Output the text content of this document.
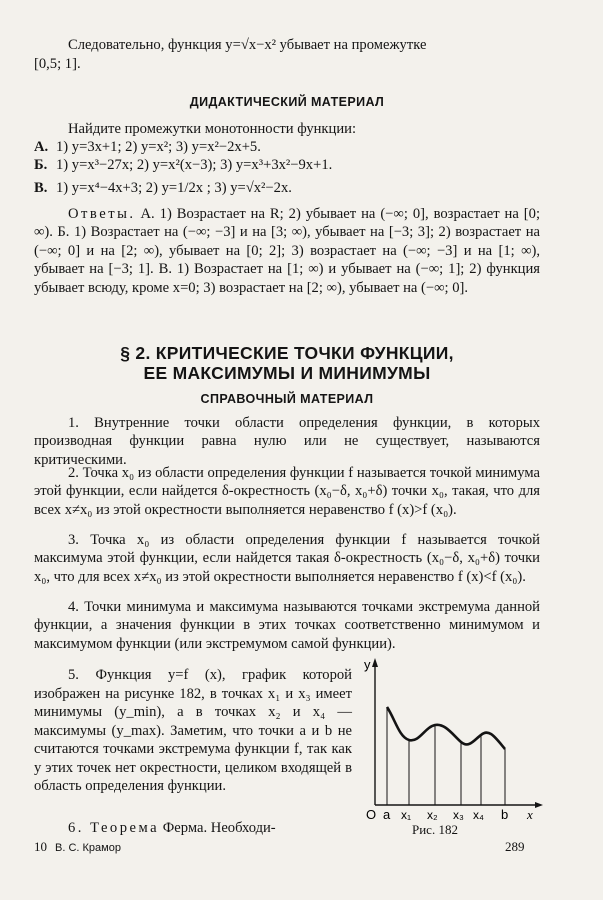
Следовательно, функция y=√x−x² убывает на промежутке

[0,5; 1].

ДИДАКТИЧЕСКИЙ МАТЕРИАЛ

Найдите промежутки монотонности функции:

А. 1) y=3x+1; 2) y=x²; 3) y=x²−2x+5.

Б. 1) y=x³−27x; 2) y=x²(x−3); 3) y=x³+3x²−9x+1.

В. 1) y=x⁴−4x+3; 2) y=1/2x ; 3) y=√x²−2x.

Ответы. А. 1) Возрастает на R; 2) убывает на (−∞; 0], возрастает на [0; ∞). Б. 1) Возрастает на (−∞; −3] и на [3; ∞), убывает на [−3; 3]; 2) возрастает на (−∞; 0] и на [2; ∞), убывает на [0; 2]; 3) возрастает на (−∞; −3] и на [1; ∞), убывает на [−3; 1]. В. 1) Возрастает на [1; ∞) и убывает на (−∞; 1]; 2) функция убывает всюду, кроме x=0; 3) возрастает на [2; ∞), убывает на (−∞; 0].

§ 2. КРИТИЧЕСКИЕ ТОЧКИ ФУНКЦИИ,

ЕЕ МАКСИМУМЫ И МИНИМУМЫ

СПРАВОЧНЫЙ МАТЕРИАЛ

1. Внутренние точки области определения функции, в которых производная функции равна нулю или не существует, называются критическими.

2. Точка x₀ из области определения функции f называется точкой минимума этой функции, если найдется δ-окрестность (x₀−δ, x₀+δ) точки x₀, такая, что для всех x≠x₀ из этой окрестности выполняется неравенство f (x)>f (x₀).

3. Точка x₀ из области определения функции f называется точкой максимума этой функции, если найдется такая δ-окрестность (x₀−δ, x₀+δ) точки x₀, что для всех x≠x₀ из этой окрестности выполняется неравенство f (x)<f (x₀).

4. Точки минимума и максимума называются точками экстремума данной функции, а значения функции в этих точках соответственно минимумом и максимумом функции (или экстремумом самой функции).

5. Функция y=f (x), график которой изображен на рисунке 182, в точках x₁ и x₃ имеет минимумы (y_min), а в точках x₂ и x₄ — максимумы (y_max). Заметим, что точки a и b не считаются точками экстремума функции f, так как у этих точек нет окрестности, целиком входящей в область определения функции.

6. Теорема Ферма. Необходи-

y
O	x
a x₁ x₂ x₃ x₄ b
Рис. 182
10 В. С. Крамор	289
